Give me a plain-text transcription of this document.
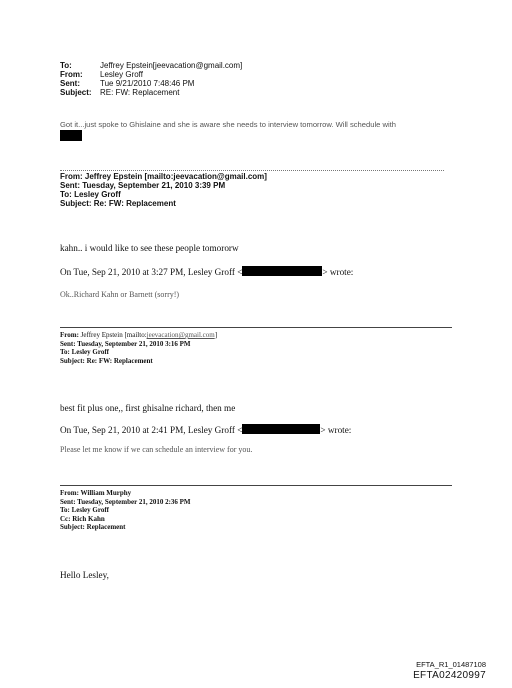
To:	Jeffrey Epstein[jeevacation@gmail.com]
From:	Lesley Groff
Sent:	Tue 9/21/2010 7:48:46 PM
Subject:	RE: FW: Replacement
Got it...just spoke to Ghislaine and she is aware she needs to interview tomorrow. Will schedule with
From: Jeffrey Epstein [mailto:jeevacation@gmail.com]
Sent: Tuesday, September 21, 2010 3:39 PM
To: Lesley Groff
Subject: Re: FW: Replacement
kahn.. i would like to see these people tomororw
On Tue, Sep 21, 2010 at 3:27 PM, Lesley Groff <	> wrote:
Ok..Richard Kahn or Barnett (sorry!)
From: Jeffrey Epstein [mailto:jeevacation@gmail.com]
Sent: Tuesday, September 21, 2010 3:16 PM
To: Lesley Groff
Subject: Re: FW: Replacement
best fit plus one,, first ghisalne richard, then me
On Tue, Sep 21, 2010 at 2:41 PM, Lesley Groff <	> wrote:
Please let me know if we can schedule an interview for you.
From: William Murphy
Sent: Tuesday, September 21, 2010 2:36 PM
To: Lesley Groff
Cc: Rich Kahn
Subject: Replacement
Hello Lesley,
EFTA_R1_01487108
EFTA02420997
